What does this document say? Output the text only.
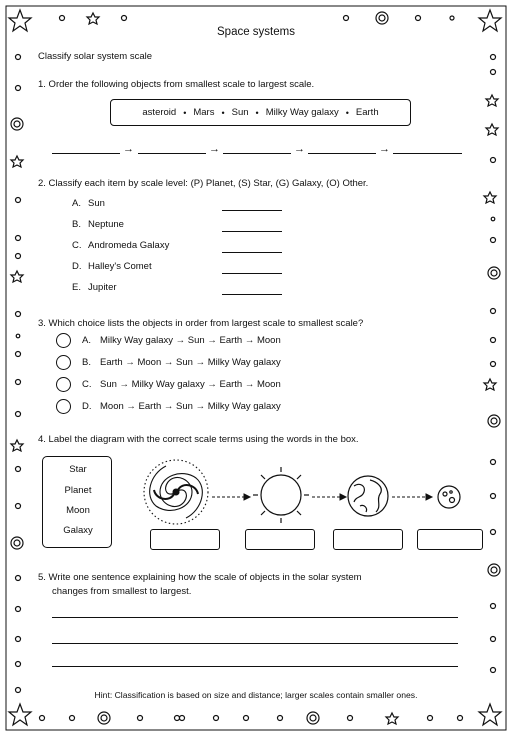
Space systems
Classify solar system scale
1. Order the following objects from smallest scale to largest scale.
asteroid • Mars • Sun • Milky Way galaxy • Earth
→	→	→	→
2. Classify each item by scale level: (P) Planet, (S) Star, (G) Galaxy, (O) Other.
A. Sun
B. Neptune
C. Andromeda Galaxy
D. Halley's Comet
E. Jupiter
3. Which choice lists the objects in order from largest scale to smallest scale?
A. Milky Way galaxy → Sun → Earth → Moon
B. Earth → Moon → Sun → Milky Way galaxy
C. Sun → Milky Way galaxy → Earth → Moon
D. Moon → Earth → Sun → Milky Way galaxy
4. Label the diagram with the correct scale terms using the words in the box.
Star
Planet
Moon
Galaxy
5. Write one sentence explaining how the scale of objects in the solar system
changes from smallest to largest.
Hint: Classification is based on size and distance; larger scales contain smaller ones.
